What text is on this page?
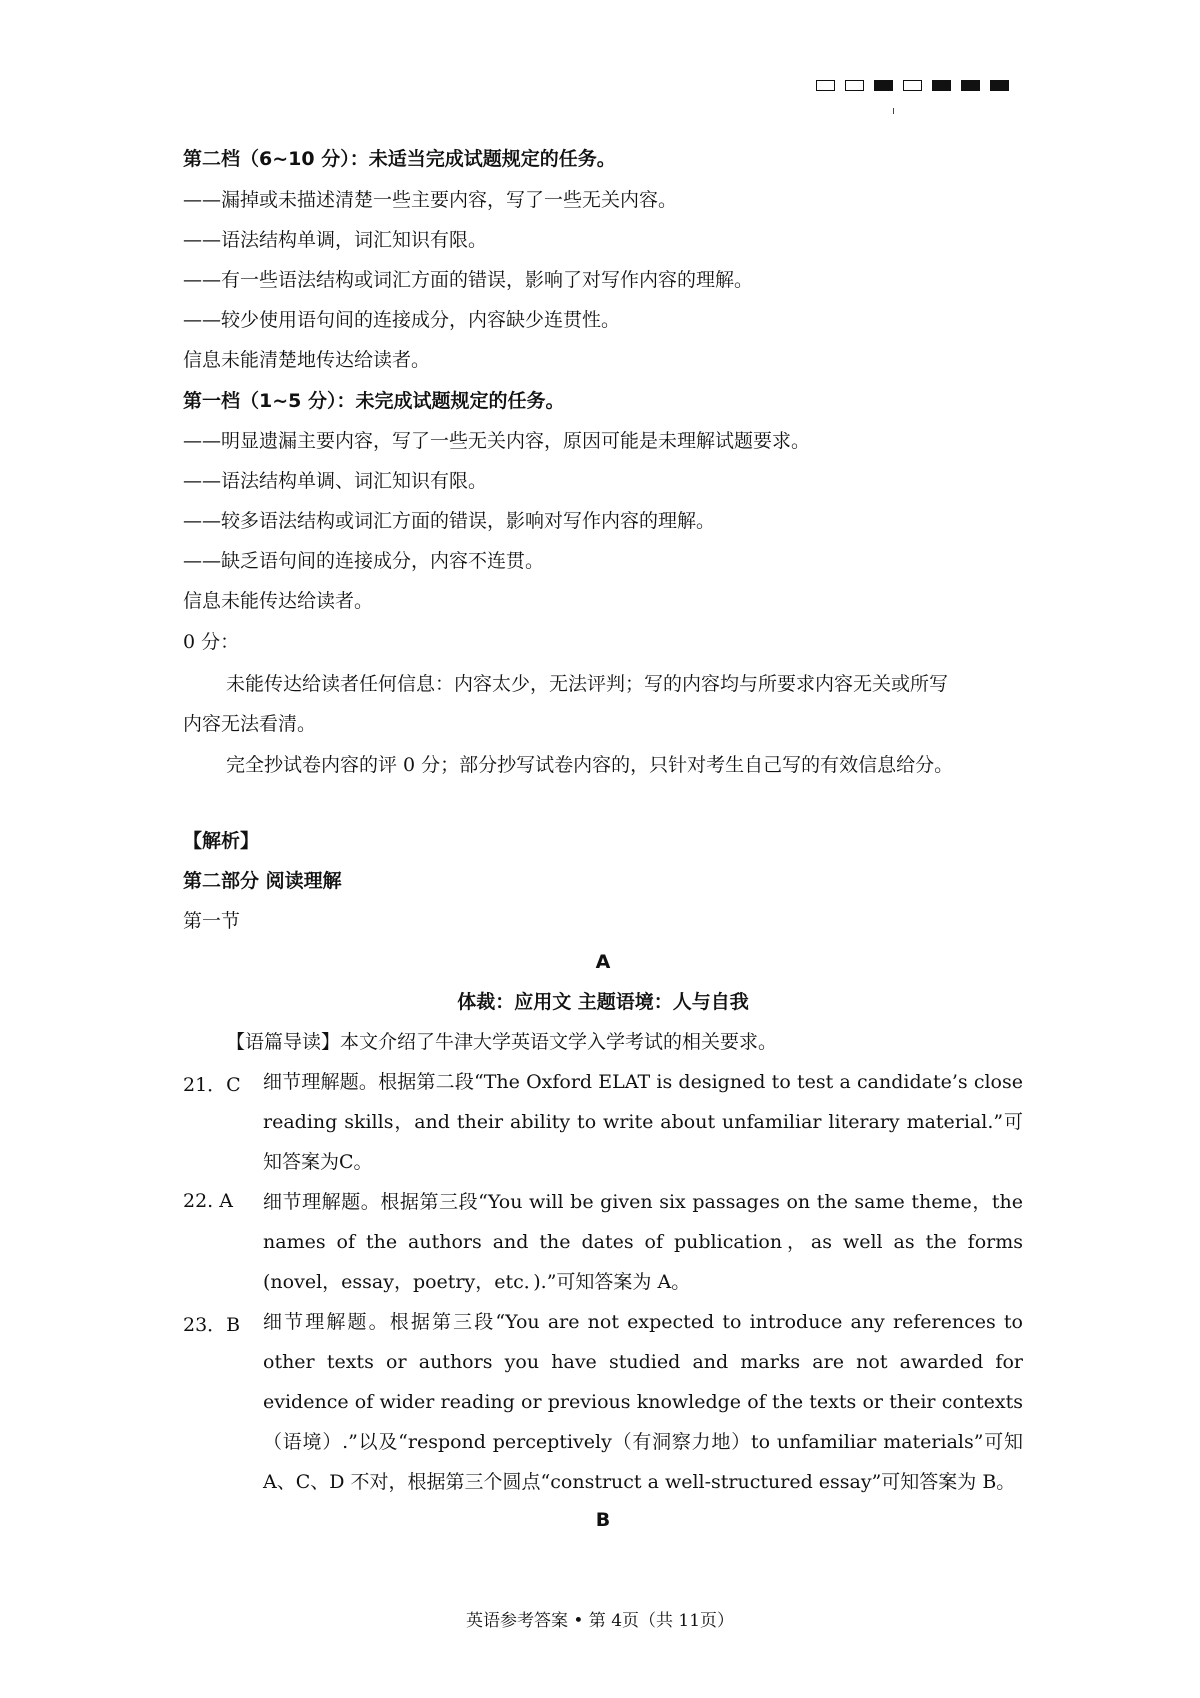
第二档（6~10 分）：未适当完成试题规定的任务。
——漏掉或未描述清楚一些主要内容，写了一些无关内容。
——语法结构单调，词汇知识有限。
——有一些语法结构或词汇方面的错误，影响了对写作内容的理解。
——较少使用语句间的连接成分，内容缺少连贯性。
信息未能清楚地传达给读者。
第一档（1~5 分）：未完成试题规定的任务。
——明显遗漏主要内容，写了一些无关内容，原因可能是未理解试题要求。
——语法结构单调、词汇知识有限。
——较多语法结构或词汇方面的错误，影响对写作内容的理解。
——缺乏语句间的连接成分，内容不连贯。
信息未能传达给读者。
0 分：
未能传达给读者任何信息：内容太少，无法评判；写的内容均与所要求内容无关或所写
内容无法看清。
完全抄试卷内容的评 0 分；部分抄写试卷内容的，只针对考生自己写的有效信息给分。
【解析】
第二部分 阅读理解
第一节
A
体裁：应用文 主题语境：人与自我
【语篇导读】本文介绍了牛津大学英语文学入学考试的相关要求。
21．C 细节理解题。根据第二段“The Oxford ELAT is designed to test a candidate’s close reading skills，and their ability to write about unfamiliar literary material.”可知答案为C。
22. A 细节理解题。根据第三段“You will be given six passages on the same theme，the names of the authors and the dates of publication，as well as the forms (novel，essay，poetry，etc．).”可知答案为 A。
23．B 细节理解题。根据第三段“You are not expected to introduce any references to other texts or authors you have studied and marks are not awarded for evidence of wider reading or previous knowledge of the texts or their contexts（语境）.”以及“respond perceptively（有洞察力地）to unfamiliar materials”可知 A、C、D 不对，根据第三个圆点“construct a well-structured essay”可知答案为 B。
B
英语参考答案 • 第 4页（共 11页）
